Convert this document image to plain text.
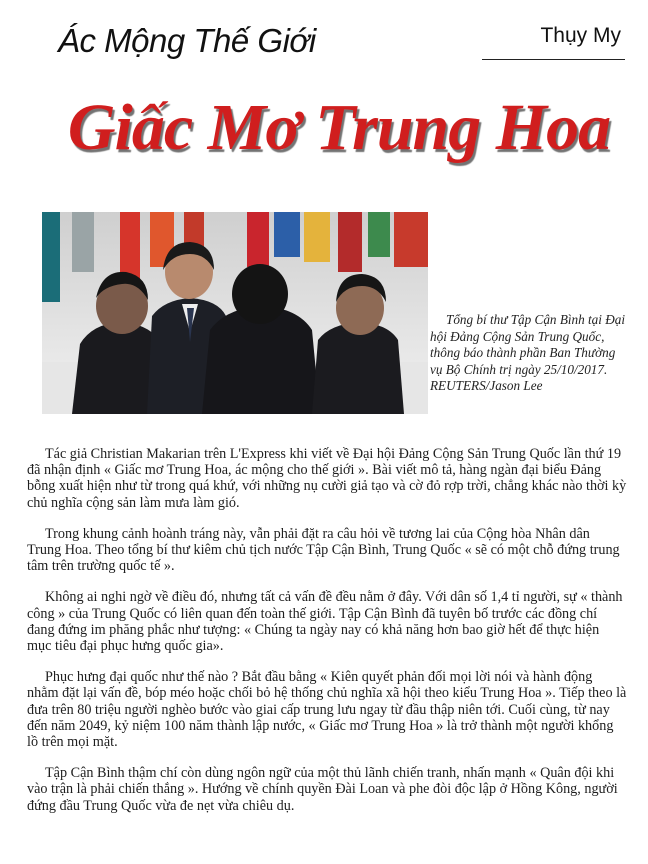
Ác Mộng Thế Giới	Thụy My
Giấc Mơ Trung Hoa
Tổng bí thư Tập Cận Bình tại Đại hội Đảng Cộng Sản Trung Quốc, thông báo thành phần Ban Thường vụ Bộ Chính trị ngày 25/10/2017. REUTERS/Jason Lee

Tác giả Christian Makarian trên L'Express khi viết về Đại hội Đảng Cộng Sản Trung Quốc lần thứ 19 đã nhận định « Giấc mơ Trung Hoa, ác mộng cho thế giới ». Bài viết mô tả, hàng ngàn đại biểu Đảng bỗng xuất hiện như từ trong quá khứ, với những nụ cười giả tạo và cờ đỏ rợp trời, chẳng khác nào thời kỳ chủ nghĩa cộng sản làm mưa làm gió.

Trong khung cảnh hoành tráng này, vẫn phải đặt ra câu hỏi về tương lai của Cộng hòa Nhân dân Trung Hoa. Theo tổng bí thư kiêm chủ tịch nước Tập Cận Bình, Trung Quốc « sẽ có một chỗ đứng trung tâm trên trường quốc tế ».

Không ai nghi ngờ về điều đó, nhưng tất cả vấn đề đều nằm ở đây. Với dân số 1,4 tỉ người, sự « thành công » của Trung Quốc có liên quan đến toàn thế giới. Tập Cận Bình đã tuyên bố trước các đồng chí đang đứng im phăng phắc như tượng: « Chúng ta ngày nay có khả năng hơn bao giờ hết để thực hiện mục tiêu đại phục hưng quốc gia».

Phục hưng đại quốc như thế nào ? Bắt đầu bằng « Kiên quyết phản đối mọi lời nói và hành động nhằm đặt lại vấn đề, bóp méo hoặc chối bỏ hệ thống chủ nghĩa xã hội theo kiểu Trung Hoa ». Tiếp theo là đưa trên 80 triệu người nghèo bước vào giai cấp trung lưu ngay từ đầu thập niên tới. Cuối cùng, từ nay đến năm 2049, kỷ niệm 100 năm thành lập nước, « Giấc mơ Trung Hoa » là trở thành một người khổng lồ trên mọi mặt.

Tập Cận Bình thậm chí còn dùng ngôn ngữ của một thủ lãnh chiến tranh, nhấn mạnh « Quân đội khi vào trận là phải chiến thắng ». Hướng về chính quyền Đài Loan và phe đòi độc lập ở Hồng Kông, người đứng đầu Trung Quốc vừa đe nẹt vừa chiêu dụ.
